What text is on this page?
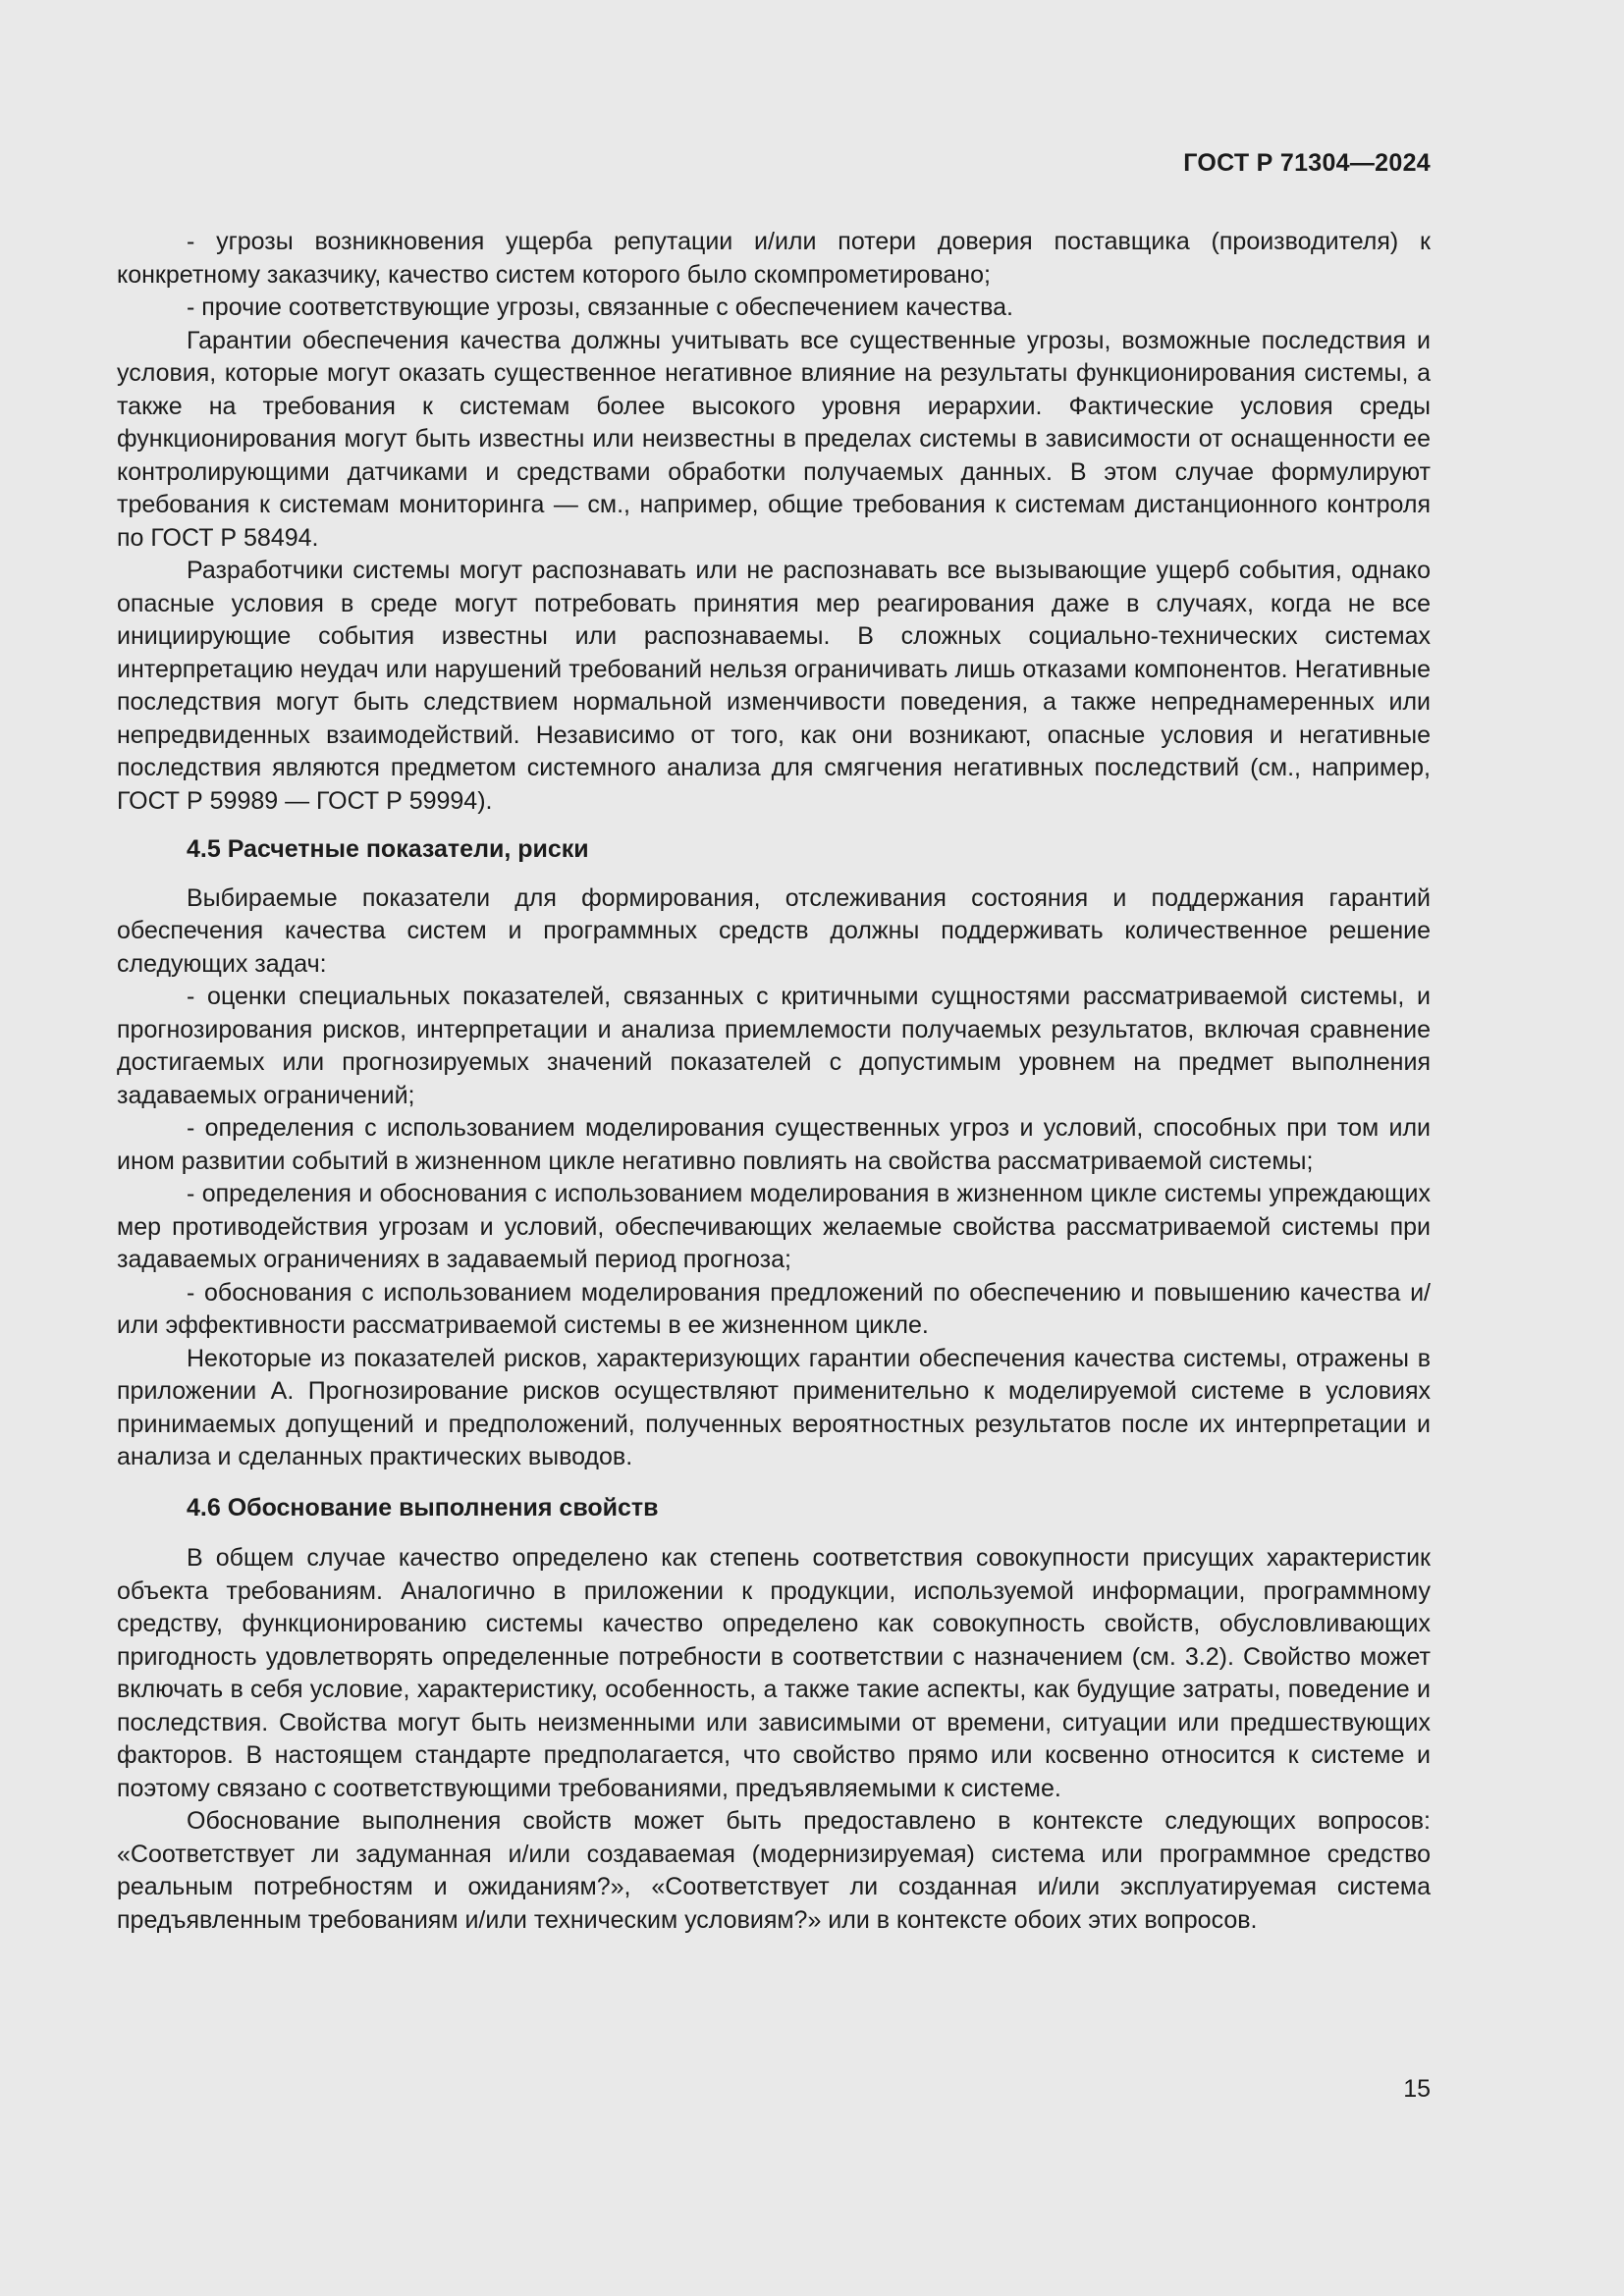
ГОСТ Р 71304—2024

- угрозы возникновения ущерба репутации и/или потери доверия поставщика (производителя) к конкретному заказчику, качество систем которого было скомпрометировано;

- прочие соответствующие угрозы, связанные с обеспечением качества.

Гарантии обеспечения качества должны учитывать все существенные угрозы, возможные последствия и условия, которые могут оказать существенное негативное влияние на результаты функционирования системы, а также на требования к системам более высокого уровня иерархии. Фактические условия среды функционирования могут быть известны или неизвестны в пределах системы в зависимости от оснащенности ее контролирующими датчиками и средствами обработки получаемых данных. В этом случае формулируют требования к системам мониторинга — см., например, общие требования к системам дистанционного контроля по ГОСТ Р 58494.

Разработчики системы могут распознавать или не распознавать все вызывающие ущерб события, однако опасные условия в среде могут потребовать принятия мер реагирования даже в случаях, когда не все инициирующие события известны или распознаваемы. В сложных социально-технических системах интерпретацию неудач или нарушений требований нельзя ограничивать лишь отказами компонентов. Негативные последствия могут быть следствием нормальной изменчивости поведения, а также непреднамеренных или непредвиденных взаимодействий. Независимо от того, как они возникают, опасные условия и негативные последствия являются предметом системного анализа для смягчения негативных последствий (см., например, ГОСТ Р 59989 — ГОСТ Р 59994).

4.5 Расчетные показатели, риски

Выбираемые показатели для формирования, отслеживания состояния и поддержания гарантий обеспечения качества систем и программных средств должны поддерживать количественное решение следующих задач:

- оценки специальных показателей, связанных с критичными сущностями рассматриваемой системы, и прогнозирования рисков, интерпретации и анализа приемлемости получаемых результатов, включая сравнение достигаемых или прогнозируемых значений показателей с допустимым уровнем на предмет выполнения задаваемых ограничений;

- определения с использованием моделирования существенных угроз и условий, способных при том или ином развитии событий в жизненном цикле негативно повлиять на свойства рассматриваемой системы;

- определения и обоснования с использованием моделирования в жизненном цикле системы упреждающих мер противодействия угрозам и условий, обеспечивающих желаемые свойства рассматриваемой системы при задаваемых ограничениях в задаваемый период прогноза;

- обоснования с использованием моделирования предложений по обеспечению и повышению качества и/или эффективности рассматриваемой системы в ее жизненном цикле.

Некоторые из показателей рисков, характеризующих гарантии обеспечения качества системы, отражены в приложении А. Прогнозирование рисков осуществляют применительно к моделируемой системе в условиях принимаемых допущений и предположений, полученных вероятностных результатов после их интерпретации и анализа и сделанных практических выводов.

4.6 Обоснование выполнения свойств

В общем случае качество определено как степень соответствия совокупности присущих характеристик объекта требованиям. Аналогично в приложении к продукции, используемой информации, программному средству, функционированию системы качество определено как совокупность свойств, обусловливающих пригодность удовлетворять определенные потребности в соответствии с назначением (см. 3.2). Свойство может включать в себя условие, характеристику, особенность, а также такие аспекты, как будущие затраты, поведение и последствия. Свойства могут быть неизменными или зависимыми от времени, ситуации или предшествующих факторов. В настоящем стандарте предполагается, что свойство прямо или косвенно относится к системе и поэтому связано с соответствующими требованиями, предъявляемыми к системе.

Обоснование выполнения свойств может быть предоставлено в контексте следующих вопросов: «Соответствует ли задуманная и/или создаваемая (модернизируемая) система или программное средство реальным потребностям и ожиданиям?», «Соответствует ли созданная и/или эксплуатируемая система предъявленным требованиям и/или техническим условиям?» или в контексте обоих этих вопросов.

15
